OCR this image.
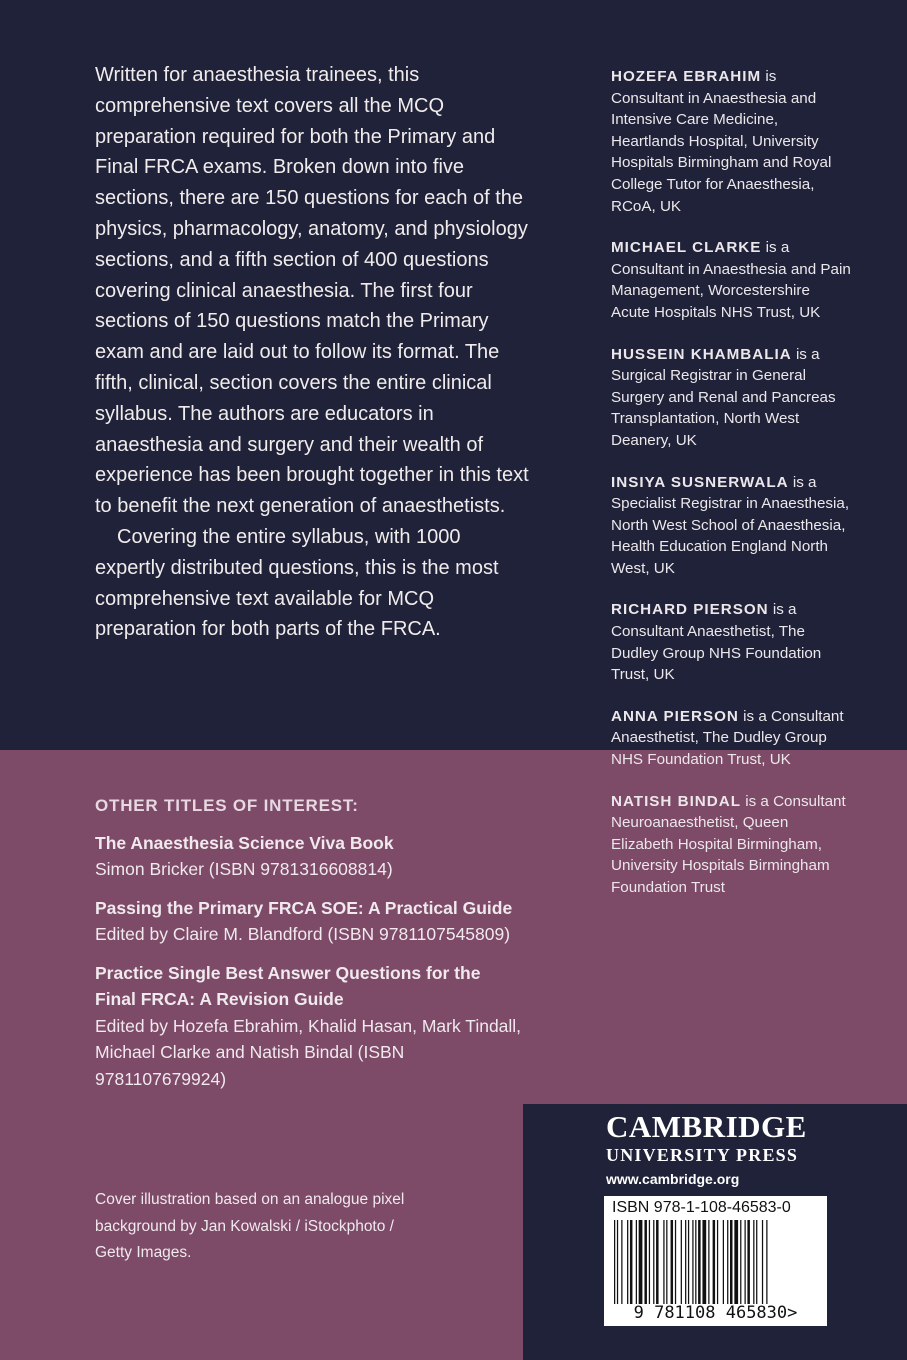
Written for anaesthesia trainees, this comprehensive text covers all the MCQ preparation required for both the Primary and Final FRCA exams. Broken down into five sections, there are 150 questions for each of the physics, pharmacology, anatomy, and physiology sections, and a fifth section of 400 questions covering clinical anaesthesia. The first four sections of 150 questions match the Primary exam and are laid out to follow its format. The fifth, clinical, section covers the entire clinical syllabus. The authors are educators in anaesthesia and surgery and their wealth of experience has been brought together in this text to benefit the next generation of anaesthetists.

Covering the entire syllabus, with 1000 expertly distributed questions, this is the most comprehensive text available for MCQ preparation for both parts of the FRCA.

HOZEFA EBRAHIM is Consultant in Anaesthesia and Intensive Care Medicine, Heartlands Hospital, University Hospitals Birmingham and Royal College Tutor for Anaesthesia, RCoA, UK
MICHAEL CLARKE is a Consultant in Anaesthesia and Pain Management, Worcestershire Acute Hospitals NHS Trust, UK
HUSSEIN KHAMBALIA is a Surgical Registrar in General Surgery and Renal and Pancreas Transplantation, North West Deanery, UK
INSIYA SUSNERWALA is a Specialist Registrar in Anaesthesia, North West School of Anaesthesia, Health Education England North West, UK
RICHARD PIERSON is a Consultant Anaesthetist, The Dudley Group NHS Foundation Trust, UK
ANNA PIERSON is a Consultant Anaesthetist, The Dudley Group NHS Foundation Trust, UK
NATISH BINDAL is a Consultant Neuroanaesthetist, Queen Elizabeth Hospital Birmingham, University Hospitals Birmingham Foundation Trust
OTHER TITLES OF INTEREST:
The Anaesthesia Science Viva Book
Simon Bricker (ISBN 9781316608814)
Passing the Primary FRCA SOE: A Practical Guide
Edited by Claire M. Blandford (ISBN 9781107545809)
Practice Single Best Answer Questions for the Final FRCA: A Revision Guide
Edited by Hozefa Ebrahim, Khalid Hasan, Mark Tindall, Michael Clarke and Natish Bindal (ISBN 9781107679924)
Cover illustration based on an analogue pixel background by Jan Kowalski / iStockphoto / Getty Images.
CAMBRIDGE
UNIVERSITY PRESS
www.cambridge.org
ISBN 978-1-108-46583-0
9 781108 465830>
